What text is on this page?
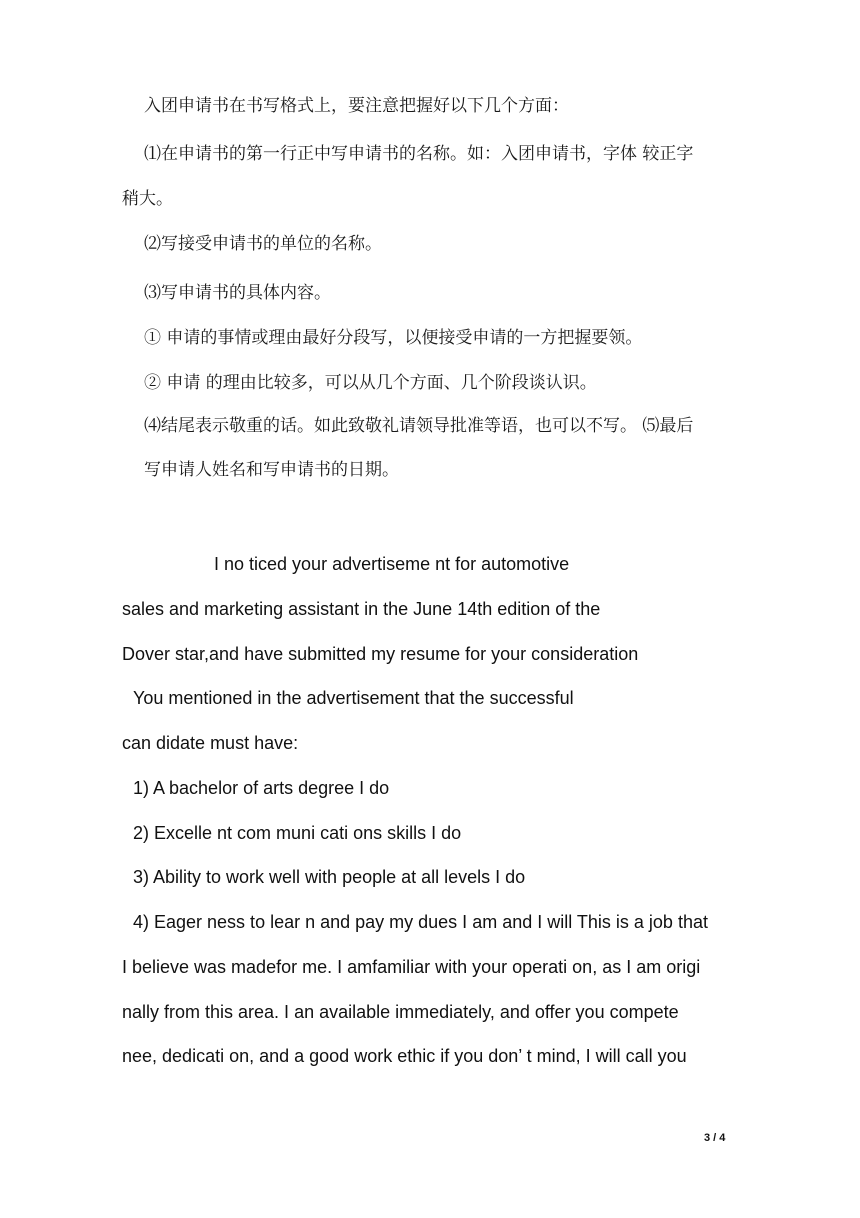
入团申请书在书写格式上，要注意把握好以下几个方面：
⑴在申请书的第一行正中写申请书的名称。如：入团申请书，字体 较正字
稍大。
⑵写接受申请书的单位的名称。
⑶写申请书的具体内容。
① 申请的事情或理由最好分段写，以便接受申请的一方把握要领。
② 申请 的理由比较多，可以从几个方面、几个阶段谈认识。
⑷结尾表示敬重的话。如此致敬礼请领导批准等语，也可以不写。 ⑸最后
写申请人姓名和写申请书的日期。
I no ticed your advertiseme nt for automotive
sales and marketing assistant in the June 14th edition of the
Dover star,and have submitted my resume for your consideration
You mentioned in the advertisement that the successful
can didate must have:
1) A bachelor of arts degree I do
2) Excelle nt com muni cati ons skills I do
3) Ability to work well with people at all levels I do
4) Eager ness to lear n and pay my dues I am and I will This is a job that
I believe was madefor me. I amfamiliar with your operati on, as I am origi
nally from this area. I an available immediately, and offer you compete
nee, dedicati on, and a good work ethic if you don’ t mind, I will call you
3 / 4
